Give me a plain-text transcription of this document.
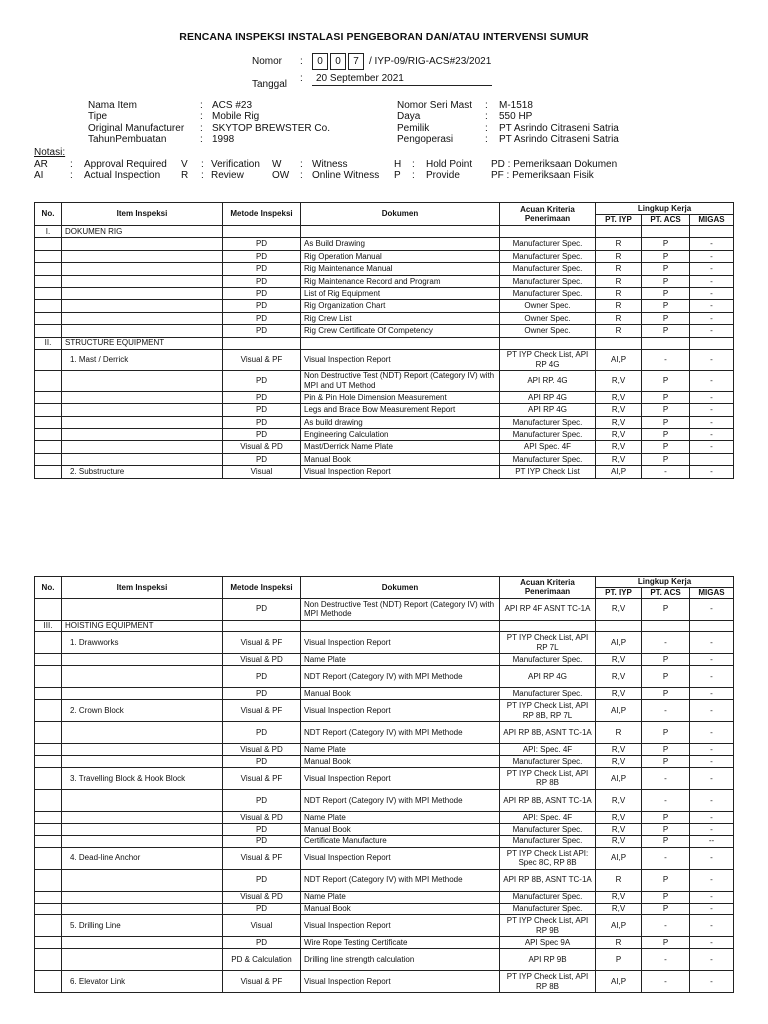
RENCANA INSPEKSI INSTALASI PENGEBORAN DAN/ATAU INTERVENSI SUMUR
Nomor	:	0	0	7	/ IYP-09/RIG-ACS#23/2021
Tanggal
:	20 September 2021
Nama Item	: ACS #23
Tipe	: Mobile Rig
Original Manufacturer	: SKYTOP BREWSTER Co.
TahunPembuatan	: 1998
Nomor Seri Mast	:	M-1518
Daya	:	550 HP
Pemilik	:	PT Asrindo Citraseni Satria
Pengoperasi	:	PT Asrindo Citraseni Satria
Notasi:
AR	:	Approval Required	V	: Verification	W	: Witness	H	:	Hold Point	PD : Pemeriksaan Dokumen
AI	:	Actual Inspection	R	: Review	OW	: Online Witness	P	:	Provide	PF : Pemeriksaan Fisik
No.	Item Inspeksi	Metode Inspeksi	Dokumen	Acuan Kriteria Penerimaan	Lingkup Kerja		
					PT. IYP	PT. ACS	MIGAS
I.	DOKUMEN RIG						
		PD	As Build Drawing	Manufacturer Spec.	R	P	-
		PD	Rig Operation Manual	Manufacturer Spec.	R	P	-
		PD	Rig Maintenance Manual	Manufacturer Spec.	R	P	-
		PD	Rig Maintenance Record and Program	Manufacturer Spec.	R	P	-
		PD	List of Rig Equipment	Manufacturer Spec.	R	P	-
		PD	Rig Organization Chart	Owner Spec.	R	P	-
		PD	Rig Crew List	Owner Spec.	R	P	-
		PD	Rig Crew Certificate Of Competency	Owner Spec.	R	P	-
II.	STRUCTURE EQUIPMENT						
	1. Mast / Derrick	Visual & PF	Visual Inspection Report	PT IYP Check List, API RP 4G	AI,P	-	-
		PD	Non Destructive Test (NDT) Report (Category IV) with MPI and UT Method	API RP. 4G	R,V	P	-
		PD	Pin & Pin Hole Dimension Measurement	API RP 4G	R,V	P	-
		PD	Legs and Brace Bow Measurement Report	API RP 4G	R,V	P	-
		PD	As build drawing	Manufacturer Spec.	R,V	P	-
		PD	Engineering Calculation	Manufacturer Spec.	R,V	P	-
		Visual & PD	Mast/Derrick Name Plate	API Spec. 4F	R,V	P	-
		PD	Manual Book	Manufacturer Spec.	R,V	P	
	2. Substructure	Visual	Visual Inspection Report	PT IYP Check List	AI,P	-	-
No.	Item Inspeksi	Metode Inspeksi	Dokumen	Acuan Kriteria Penerimaan	Lingkup Kerja		
					PT. IYP	PT. ACS	MIGAS
		PD	Non Destructive Test (NDT) Report (Category IV) with MPI Methode	API RP 4F ASNT TC-1A	R,V	P	-
III.	HOISTING EQUIPMENT						
	1. Drawworks	Visual & PF	Visual Inspection Report	PT IYP Check List, API RP 7L	AI,P	-	-
		Visual & PD	Name Plate	Manufacturer Spec.	R,V	P	-
		PD	NDT Report (Category IV) with MPI Methode	API RP 4G	R,V	P	-
		PD	Manual Book	Manufacturer Spec.	R,V	P	-
	2. Crown Block	Visual & PF	Visual Inspection Report	PT IYP Check List, API RP 8B, RP 7L	AI,P	-	-
		PD	NDT Report (Category IV) with MPI Methode	API RP 8B, ASNT TC-1A	R	P	-
		Visual & PD	Name Plate	API: Spec. 4F	R,V	P	-
		PD	Manual Book	Manufacturer Spec.	R,V	P	-
	3. Travelling Block & Hook Block	Visual & PF	Visual Inspection Report	PT IYP Check List, API RP 8B	AI,P	-	-
		PD	NDT Report (Category IV) with MPI Methode	API RP 8B, ASNT TC-1A	R,V	-	-
		Visual & PD	Name Plate	API: Spec. 4F	R,V	P	-
		PD	Manual Book	Manufacturer Spec.	R,V	P	-
		PD	Certificate Manufacture	Manufacturer Spec.	R,V	P	--
	4. Dead-line Anchor	Visual & PF	Visual Inspection Report	PT IYP Check List API: Spec 8C, RP 8B	AI,P	-	-
		PD	NDT Report (Category IV) with MPI Methode	API RP 8B, ASNT TC-1A	R	P	-
		Visual & PD	Name Plate	Manufacturer Spec.	R,V	P	-
		PD	Manual Book	Manufacturer Spec.	R,V	P	-
	5. Drilling Line	Visual	Visual Inspection Report	PT IYP Check List, API RP 9B	AI,P	-	-
		PD	Wire Rope Testing Certificate	API Spec 9A	R	P	-
		PD & Calculation	Drilling line strength calculation	API RP 9B	P	-	-
	6. Elevator Link	Visual & PF	Visual Inspection Report	PT IYP Check List, API RP 8B	AI,P	-	-
